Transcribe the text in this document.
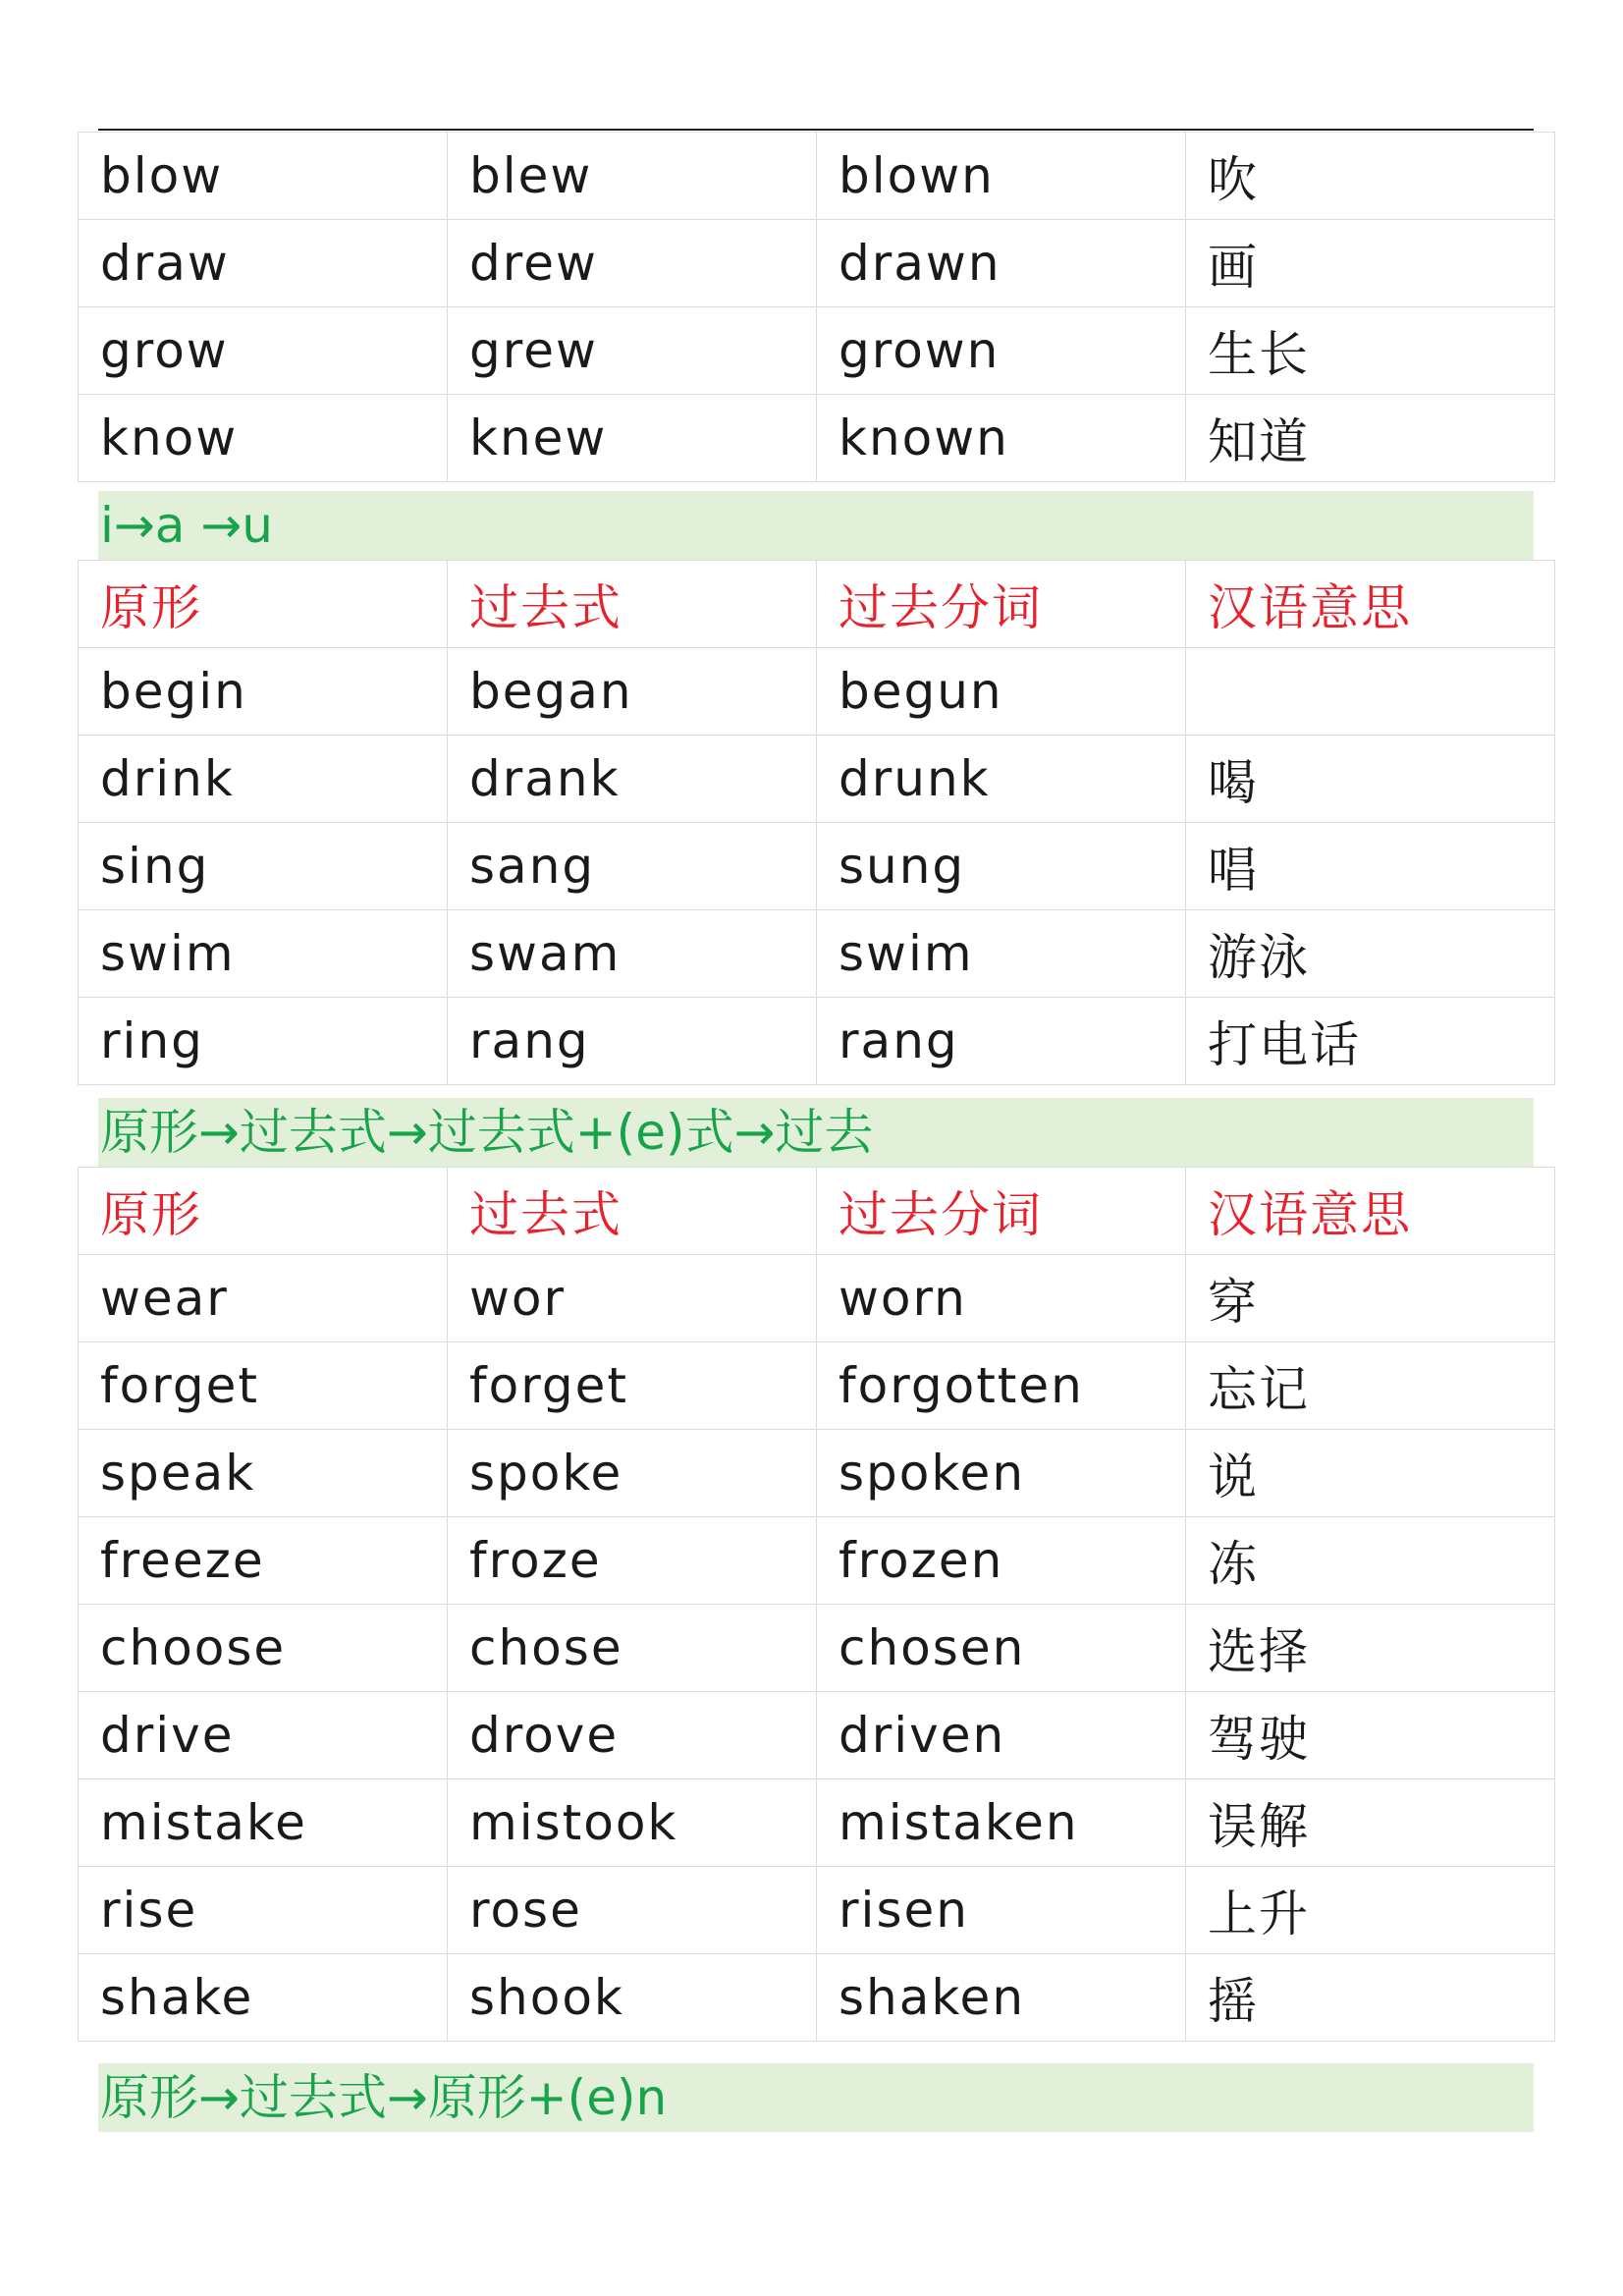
blow	blew	blown	吹
draw	drew	drawn	画
grow	grew	grown	生长
know	knew	known	知道
i→a →u
原形	过去式	过去分词	汉语意思
begin	began	begun	
drink	drank	drunk	喝
sing	sang	sung	唱
swim	swam	swim	游泳
ring	rang	rang	打电话
原形→过去式→过去式+(e)式→过去
原形	过去式	过去分词	汉语意思
wear	wor	worn	穿
forget	forget	forgotten	忘记
speak	spoke	spoken	说
freeze	froze	frozen	冻
choose	chose	chosen	选择
drive	drove	driven	驾驶
mistake	mistook	mistaken	误解
rise	rose	risen	上升
shake	shook	shaken	摇
原形→过去式→原形+(e)n
